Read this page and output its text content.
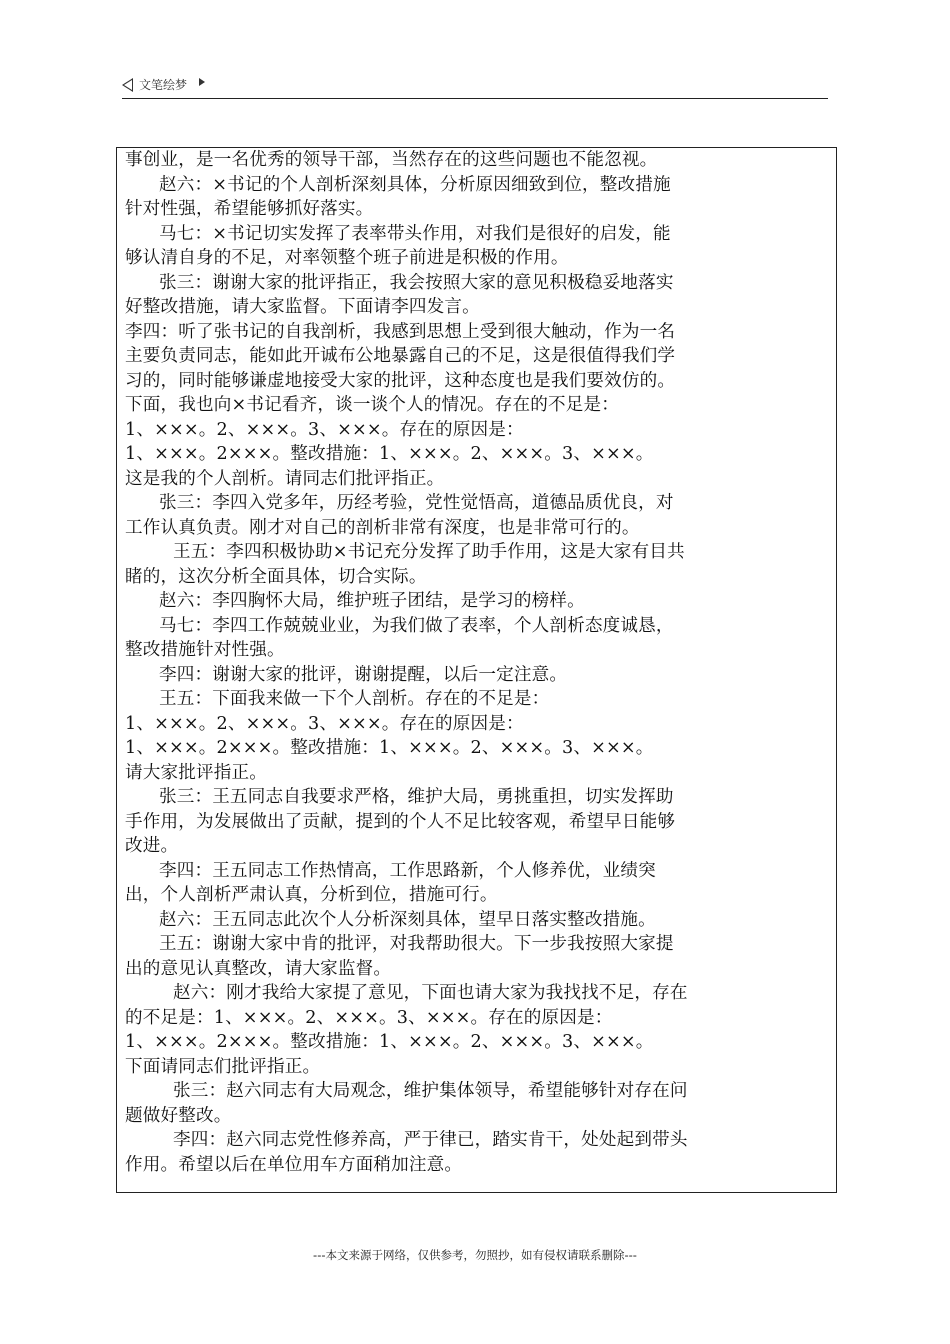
文笔绘梦
事创业，是一名优秀的领导干部，当然存在的这些问题也不能忽视。
赵六：×书记的个人剖析深刻具体，分析原因细致到位，整改措施
针对性强，希望能够抓好落实。
马七：×书记切实发挥了表率带头作用，对我们是很好的启发，能
够认清自身的不足，对率领整个班子前进是积极的作用。
张三：谢谢大家的批评指正，我会按照大家的意见积极稳妥地落实
好整改措施，请大家监督。下面请李四发言。
李四：听了张书记的自我剖析，我感到思想上受到很大触动，作为一名
主要负责同志，能如此开诚布公地暴露自己的不足，这是很值得我们学
习的，同时能够谦虚地接受大家的批评，这种态度也是我们要效仿的。
下面，我也向×书记看齐，谈一谈个人的情况。存在的不足是：
1、×××。2、×××。3、×××。存在的原因是：
1、×××。2×××。整改措施：1、×××。2、×××。3、×××。
这是我的个人剖析。请同志们批评指正。
张三：李四入党多年，历经考验，党性觉悟高，道德品质优良，对
工作认真负责。刚才对自己的剖析非常有深度，也是非常可行的。
王五：李四积极协助×书记充分发挥了助手作用，这是大家有目共
睹的，这次分析全面具体，切合实际。
赵六：李四胸怀大局，维护班子团结，是学习的榜样。
马七：李四工作兢兢业业，为我们做了表率，个人剖析态度诚恳，
整改措施针对性强。
李四：谢谢大家的批评，谢谢提醒，以后一定注意。
王五：下面我来做一下个人剖析。存在的不足是：
1、×××。2、×××。3、×××。存在的原因是：
1、×××。2×××。整改措施：1、×××。2、×××。3、×××。
请大家批评指正。
张三：王五同志自我要求严格，维护大局，勇挑重担，切实发挥助
手作用，为发展做出了贡献，提到的个人不足比较客观，希望早日能够
改进。
李四：王五同志工作热情高，工作思路新，个人修养优，业绩突
出，个人剖析严肃认真，分析到位，措施可行。
赵六：王五同志此次个人分析深刻具体，望早日落实整改措施。
王五：谢谢大家中肯的批评，对我帮助很大。下一步我按照大家提
出的意见认真整改，请大家监督。
赵六：刚才我给大家提了意见，下面也请大家为我找找不足，存在
的不足是：1、×××。2、×××。3、×××。存在的原因是：
1、×××。2×××。整改措施：1、×××。2、×××。3、×××。
下面请同志们批评指正。
张三：赵六同志有大局观念，维护集体领导，希望能够针对存在问
题做好整改。
李四：赵六同志党性修养高，严于律已，踏实肯干，处处起到带头
作用。希望以后在单位用车方面稍加注意。
---本文来源于网络，仅供参考，勿照抄，如有侵权请联系删除---
